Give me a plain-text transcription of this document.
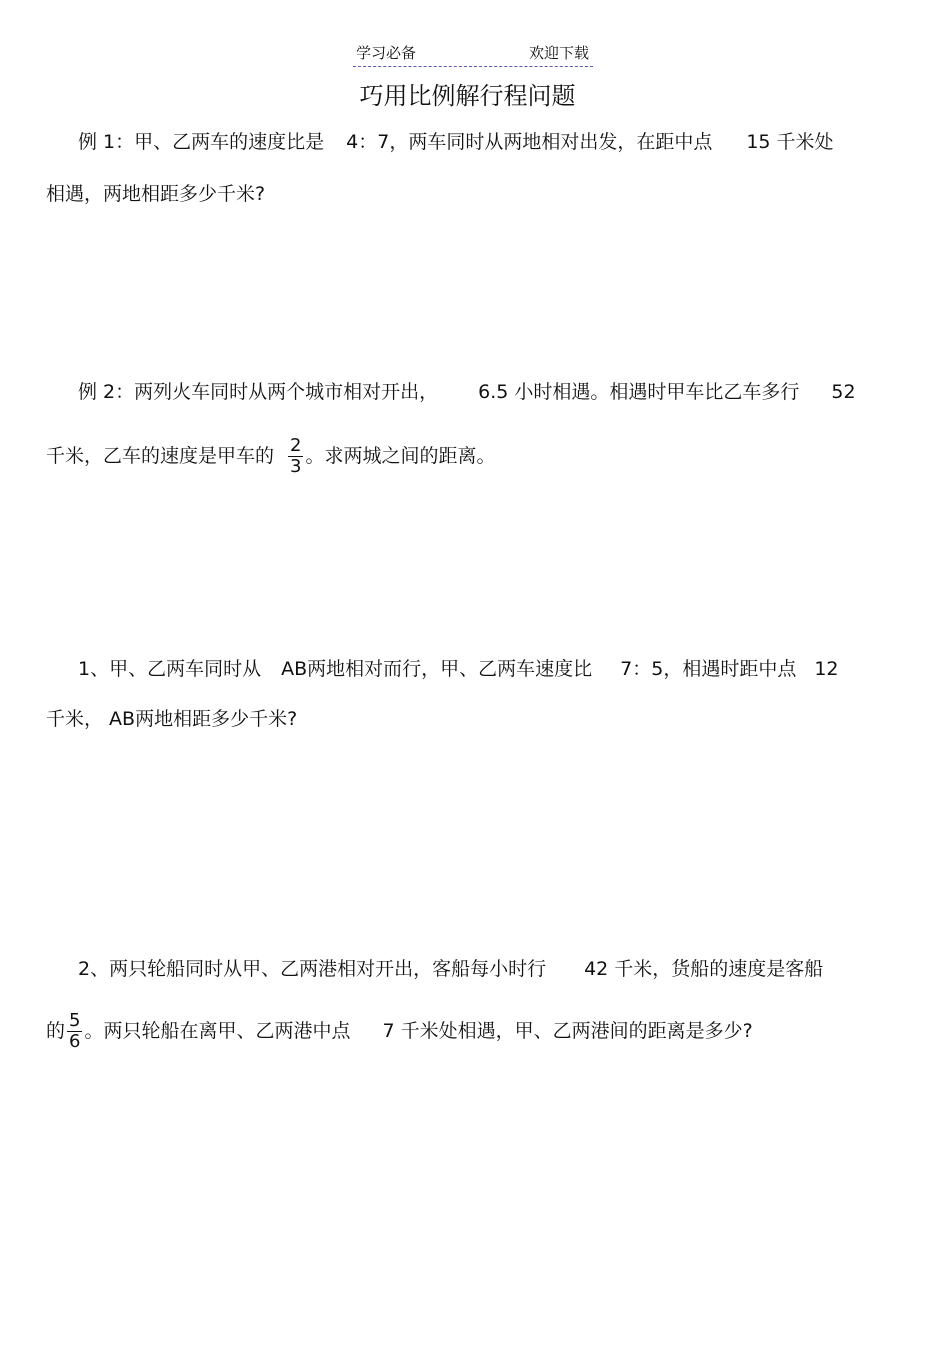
学习必备	欢迎下载
巧用比例解行程问题
例 1：甲、乙两车的速度比是 4：7，两车同时从两地相对出发，在距中点 15 千米处
相遇，两地相距多少千米?
例 2：两列火车同时从两个城市相对开出， 6.5 小时相遇。相遇时甲车比乙车多行 52
千米，乙车的速度是甲车的 $\frac{2}{3}$ 。求两城之间的距离。
1、甲、乙两车同时从 AB两地相对而行，甲、乙两车速度比 7：5，相遇时距中点 12
千米， AB两地相距多少千米?
2、两只轮船同时从甲、乙两港相对开出，客船每小时行 42 千米，货船的速度是客船
的 $\frac{5}{6}$ 。两只轮船在离甲、乙两港中点 7 千米处相遇，甲、乙两港间的距离是多少?
